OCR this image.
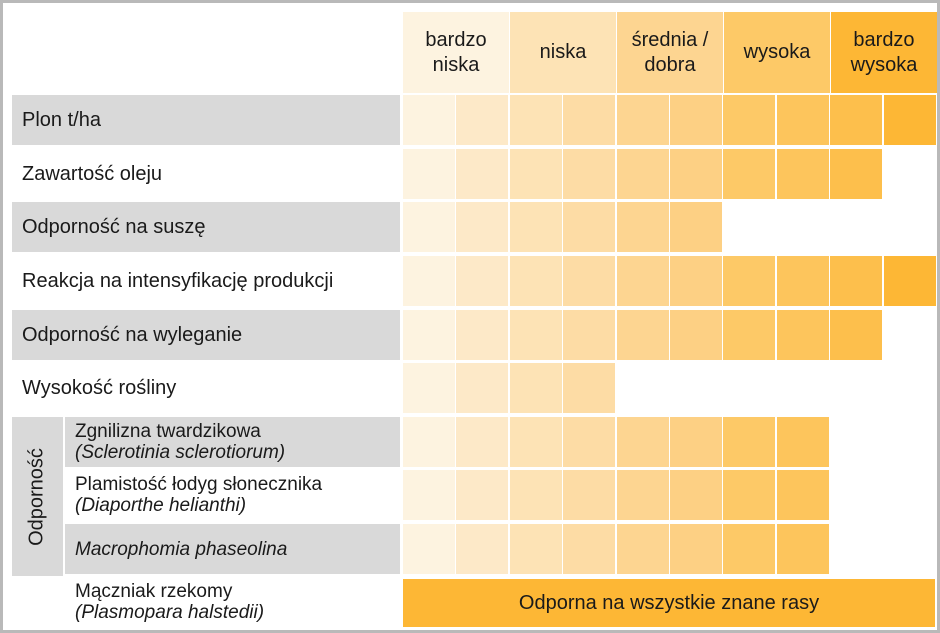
bardzo
niska
niska
średnia /
dobra
wysoka
bardzo
wysoka
Plon t/ha
Zawartość oleju
Odporność na suszę
Reakcja na intensyfikację produkcji
Odporność na wyleganie
Wysokość rośliny
Zgnilizna twardzikowa
(Sclerotinia sclerotiorum)
Plamistość łodyg słonecznika
(Diaporthe helianthi)
Macrophomia phaseolina
Mączniak rzekomy
(Plasmopara halstedii)
Odporność
Odporna na wszystkie znane rasy
